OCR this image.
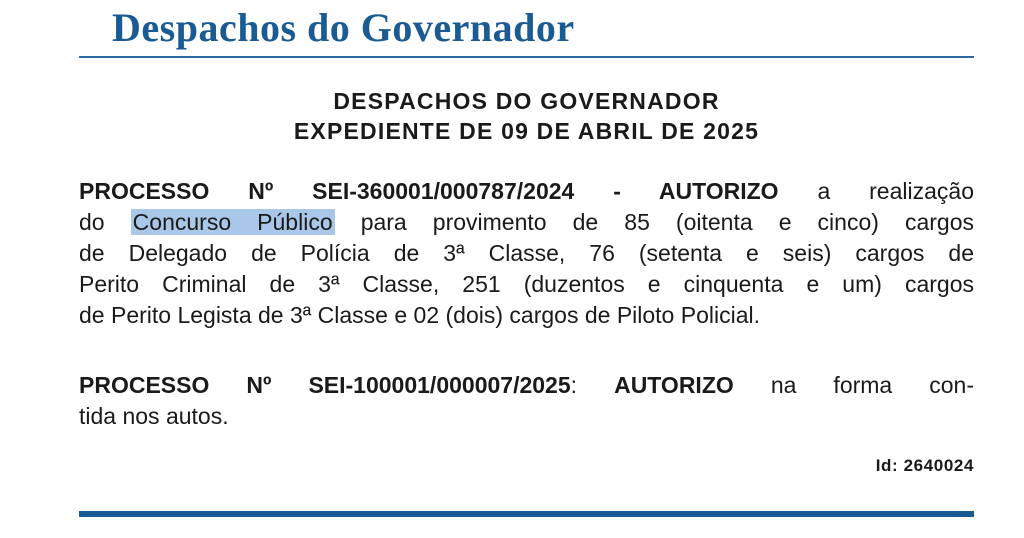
Despachos do Governador
DESPACHOS DO GOVERNADOR
EXPEDIENTE DE 09 DE ABRIL DE 2025
PROCESSO Nº SEI-360001/000787/2024 - AUTORIZO a realização
do Concurso Público para provimento de 85 (oitenta e cinco) cargos
de Delegado de Polícia de 3ª Classe, 76 (setenta e seis) cargos de
Perito Criminal de 3ª Classe, 251 (duzentos e cinquenta e um) cargos
de Perito Legista de 3ª Classe e 02 (dois) cargos de Piloto Policial.
PROCESSO Nº SEI-100001/000007/2025: AUTORIZO na forma con-
tida nos autos.
Id: 2640024
